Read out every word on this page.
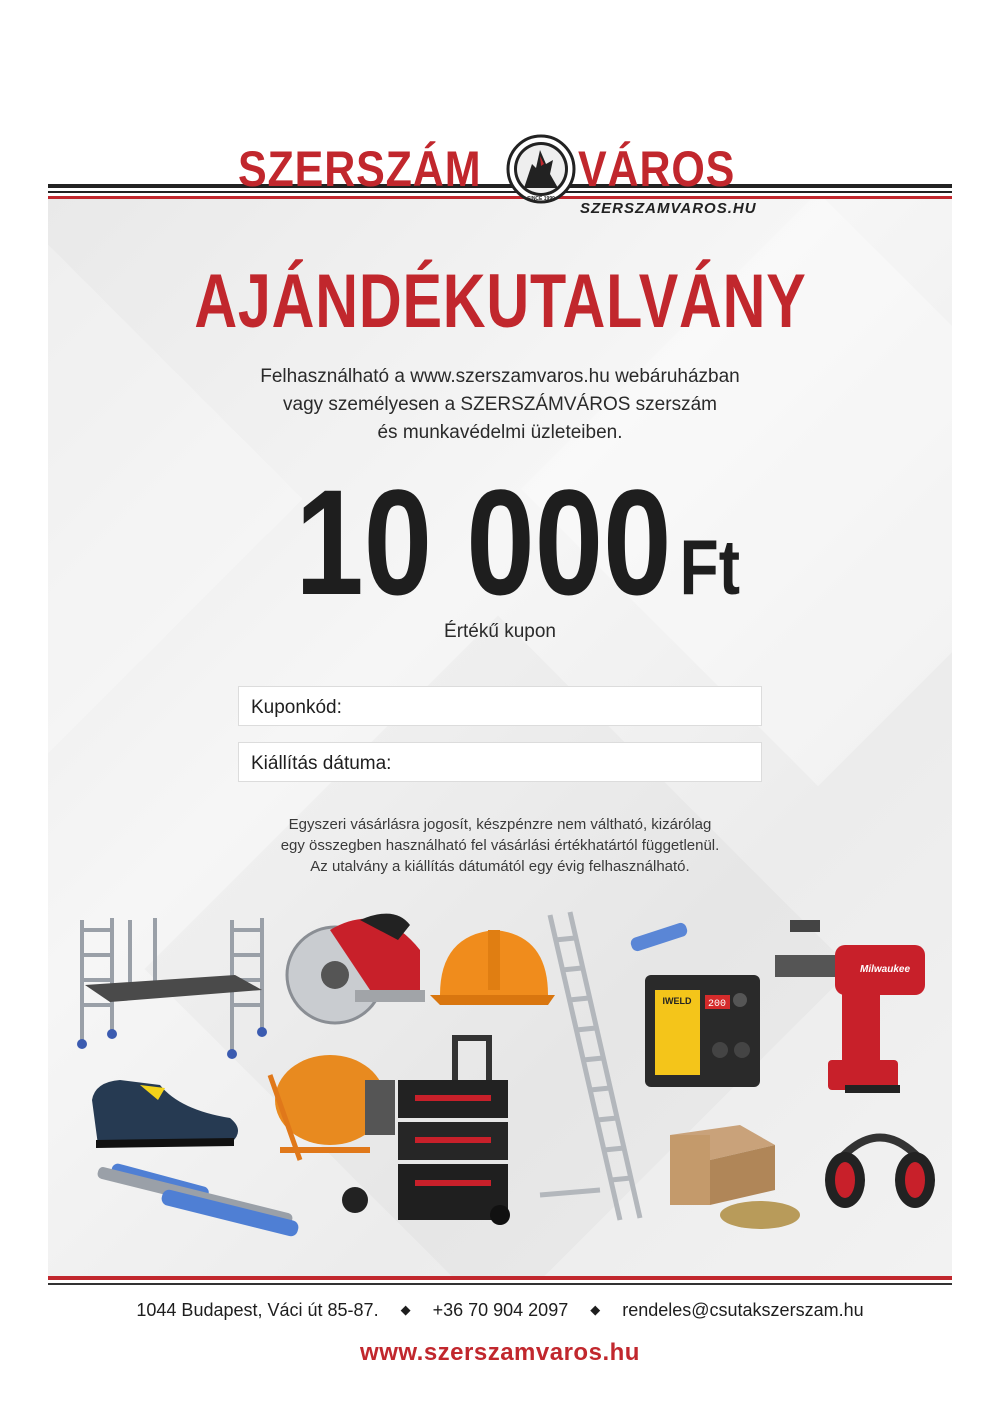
SZERSZÁM VÁROS
SINCE 1999
SZERSZAMVAROS.HU
AJÁNDÉKUTALVÁNY
Felhasználható a www.szerszamvaros.hu webáruházban
vagy személyesen a SZERSZÁMVÁROS szerszám
és munkavédelmi üzleteiben.
10 000 Ft
Értékű kupon
Kuponkód:
Kiállítás dátuma:
Egyszeri vásárlásra jogosít, készpénzre nem váltható, kizárólag
egy összegben használható fel vásárlási értékhatártól függetlenül.
Az utalvány a kiállítás dátumától egy évig felhasználható.
200
IWELD
Milwaukee
1044 Budapest, Váci út 85-87. ◆ +36 70 904 2097 ◆ rendeles@csutakszerszam.hu
www.szerszamvaros.hu
